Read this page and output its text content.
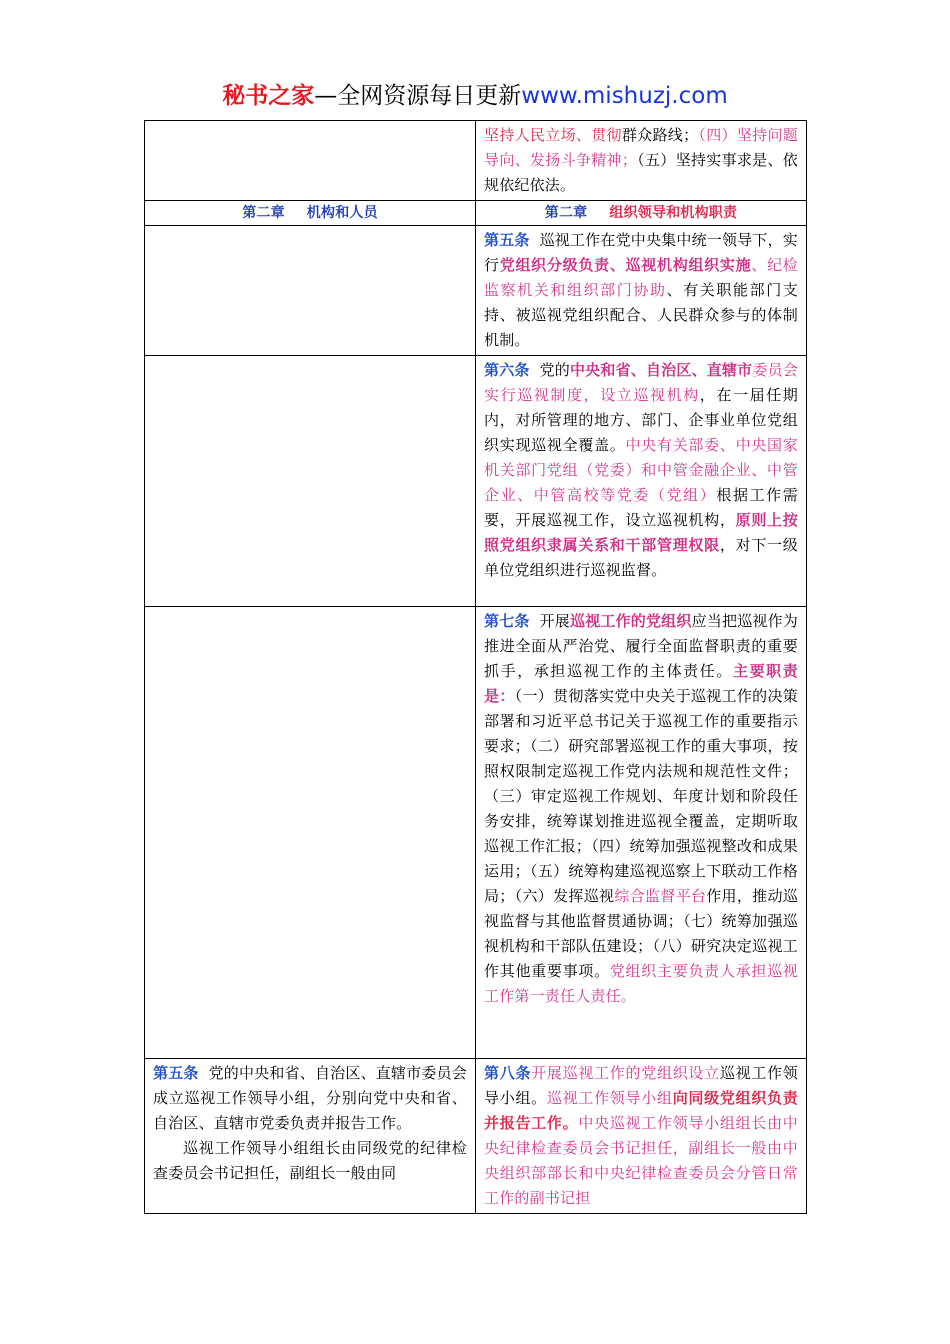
秘书之家—全网资源每日更新www.mishuzj.com
	坚持人民立场、贯彻群众路线；（四）坚持问题导向、发扬斗争精神；（五）坚持实事求是、依规依纪依法。
第二章 机构和人员	第二章 组织领导和机构职责
	第五条 巡视工作在党中央集中统一领导下，实行党组织分级负责、巡视机构组织实施、纪检监察机关和组织部门协助、有关职能部门支持、被巡视党组织配合、人民群众参与的体制机制。
	第六条 党的中央和省、自治区、直辖市委员会实行巡视制度，设立巡视机构，在一届任期内，对所管理的地方、部门、企事业单位党组织实现巡视全覆盖。中央有关部委、中央国家机关部门党组（党委）和中管金融企业、中管企业、中管高校等党委（党组）根据工作需要，开展巡视工作，设立巡视机构，原则上按照党组织隶属关系和干部管理权限，对下一级单位党组织进行巡视监督。
	第七条 开展巡视工作的党组织应当把巡视作为推进全面从严治党、履行全面监督职责的重要抓手，承担巡视工作的主体责任。主要职责是：（一）贯彻落实党中央关于巡视工作的决策部署和习近平总书记关于巡视工作的重要指示要求；（二）研究部署巡视工作的重大事项，按照权限制定巡视工作党内法规和规范性文件；（三）审定巡视工作规划、年度计划和阶段任务安排，统筹谋划推进巡视全覆盖，定期听取巡视工作汇报；（四）统筹加强巡视整改和成果运用；（五）统筹构建巡视巡察上下联动工作格局；（六）发挥巡视综合监督平台作用，推动巡视监督与其他监督贯通协调；（七）统筹加强巡视机构和干部队伍建设；（八）研究决定巡视工作其他重要事项。党组织主要负责人承担巡视工作第一责任人责任。

第五条 党的中央和省、自治区、直辖市委员会成立巡视工作领导小组，分别向党中央和省、自治区、直辖市党委负责并报告工作。

巡视工作领导小组组长由同级党的纪律检查委员会书记担任，副组长一般由同	第八条开展巡视工作的党组织设立巡视工作领导小组。巡视工作领导小组向同级党组织负责并报告工作。中央巡视工作领导小组组长由中央纪律检查委员会书记担任，副组长一般由中央组织部部长和中央纪律检查委员会分管日常工作的副书记担
